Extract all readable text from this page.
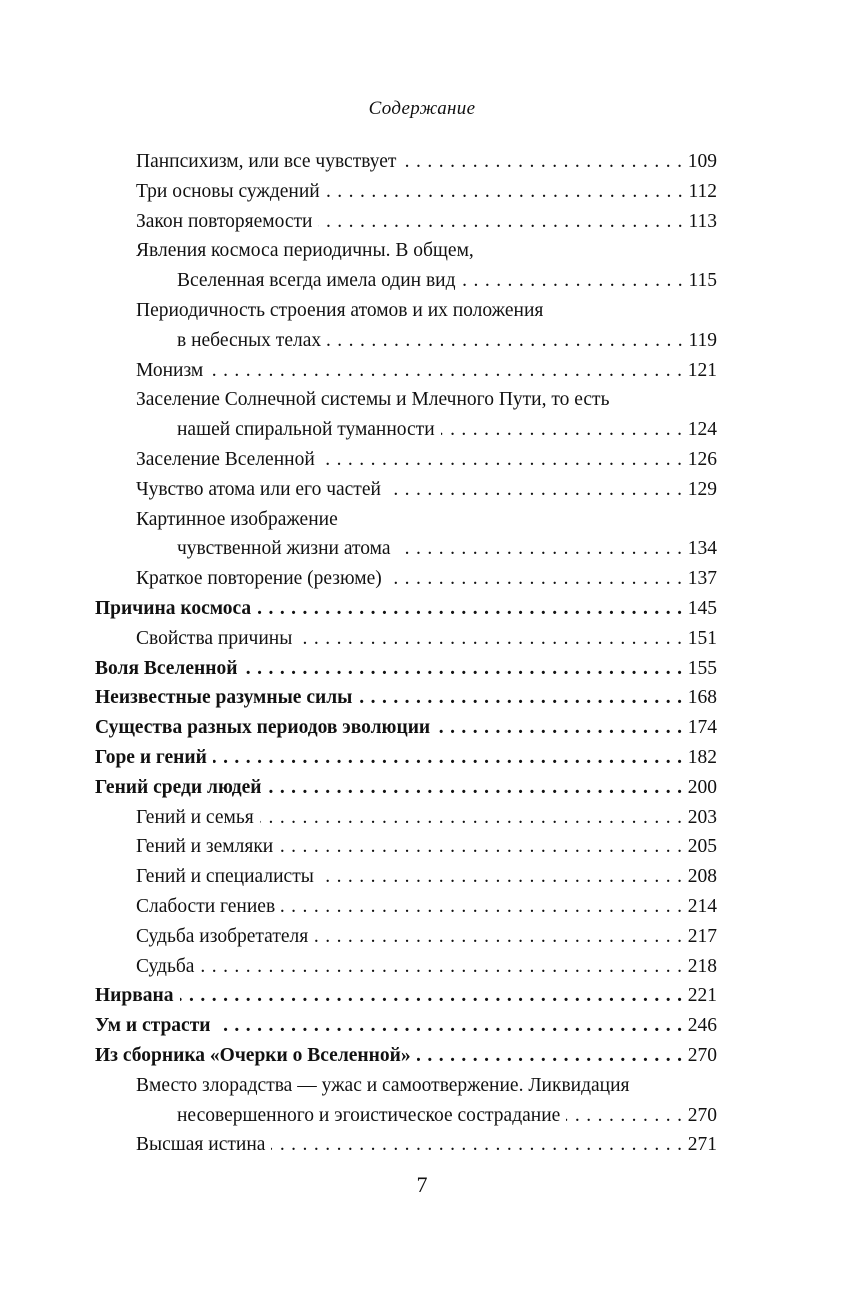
Содержание
Панпсихизм, или все чувствует . . .	109
Три основы суждений . . .	112
Закон повторяемости . . .	113
Явления космоса периодичны. В общем,
Вселенная всегда имела один вид . . .	115
Периодичность строения атомов и их положения
в небесных телах . . .	119
Монизм . . .	121
Заселение Солнечной системы и Млечного Пути, то есть
нашей спиральной туманности . . .	124
Заселение Вселенной . . .	126
Чувство атома или его частей . . .	129
Картинное изображение
чувственной жизни атома . . .	134
Краткое повторение (резюме) . . .	137
Причина космоса . . .	145
Свойства причины . . .	151
Воля Вселенной . . .	155
Неизвестные разумные силы . . .	168
Существа разных периодов эволюции . . .	174
Горе и гений . . .	182
Гений среди людей . . .	200
Гений и семья . . .	203
Гений и земляки . . .	205
Гений и специалисты . . .	208
Слабости гениев . . .	214
Судьба изобретателя . . .	217
Судьба . . .	218
Нирвана . . .	221
Ум и страсти . . .	246
Из сборника «Очерки о Вселенной» . . .	270
Вместо злорадства — ужас и самоотвержение. Ликвидация
несовершенного и эгоистическое сострадание . . .	270
Высшая истина . . .	271
7
